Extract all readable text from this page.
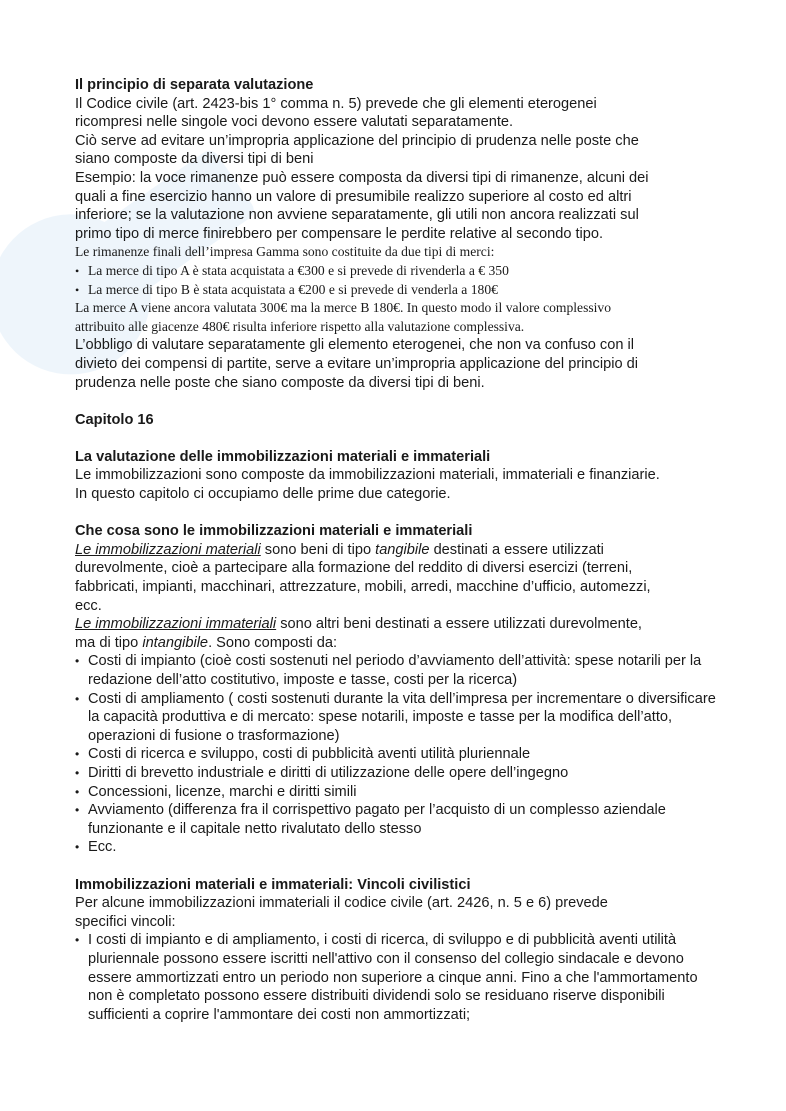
Il principio di separata valutazione

Il Codice civile (art. 2423-bis 1° comma n. 5) prevede che gli elementi eterogenei

ricompresi nelle singole voci devono essere valutati separatamente.

Ciò serve ad evitare un’impropria applicazione del principio di prudenza nelle poste che

siano composte da diversi tipi di beni

Esempio: la voce rimanenze può essere composta da diversi tipi di rimanenze, alcuni dei

quali a fine esercizio hanno un valore di presumibile realizzo superiore al costo ed altri

inferiore; se la valutazione non avviene separatamente, gli utili non ancora realizzati sul

primo tipo di merce finirebbero per compensare le perdite relative al secondo tipo.

Le rimanenze finali dell’impresa Gamma sono costituite da due tipi di merci:

• La merce di tipo A è stata acquistata a €300 e si prevede di rivenderla a € 350
• La merce di tipo B è stata acquistata a €200 e si prevede di venderla a 180€

La merce A viene ancora valutata 300€ ma la merce B 180€. In questo modo il valore complessivo

attribuito alle giacenze 480€ risulta inferiore rispetto alla valutazione complessiva.

L’obbligo di valutare separatamente gli elemento eterogenei, che non va confuso con il

divieto dei compensi di partite, serve a evitare un’impropria applicazione del principio di

prudenza nelle poste che siano composte da diversi tipi di beni.

Capitolo 16

La valutazione delle immobilizzazioni materiali e immateriali

Le immobilizzazioni sono composte da immobilizzazioni materiali, immateriali e finanziarie.

In questo capitolo ci occupiamo delle prime due categorie.

Che cosa sono le immobilizzazioni materiali e immateriali

Le immobilizzazioni materiali sono beni di tipo tangibile destinati a essere utilizzati

durevolmente, cioè a partecipare alla formazione del reddito di diversi esercizi (terreni,

fabbricati, impianti, macchinari, attrezzature, mobili, arredi, macchine d’ufficio, automezzi,

ecc.

Le immobilizzazioni immateriali sono altri beni destinati a essere utilizzati durevolmente,

ma di tipo intangibile. Sono composti da:

• Costi di impianto (cioè costi sostenuti nel periodo d’avviamento dell’attività: spese notarili per la redazione dell’atto costitutivo, imposte e tasse, costi per la ricerca)
• Costi di ampliamento ( costi sostenuti durante la vita dell’impresa per incrementare o diversificare la capacità produttiva e di mercato: spese notarili, imposte e tasse per la modifica dell’atto, operazioni di fusione o trasformazione)
• Costi di ricerca e sviluppo, costi di pubblicità aventi utilità pluriennale
• Diritti di brevetto industriale e diritti di utilizzazione delle opere dell’ingegno
• Concessioni, licenze, marchi e diritti simili
• Avviamento (differenza fra il corrispettivo pagato per l’acquisto di un complesso aziendale funzionante e il capitale netto rivalutato dello stesso
• Ecc.

Immobilizzazioni materiali e immateriali: Vincoli civilistici

Per alcune immobilizzazioni immateriali il codice civile (art. 2426, n. 5 e 6) prevede

specifici vincoli:

• I costi di impianto e di ampliamento, i costi di ricerca, di sviluppo e di pubblicità aventi utilità pluriennale possono essere iscritti nell'attivo con il consenso del collegio sindacale e devono essere ammortizzati entro un periodo non superiore a cinque anni. Fino a che l'ammortamento non è completato possono essere distribuiti dividendi solo se residuano riserve disponibili sufficienti a coprire l'ammontare dei costi non ammortizzati;
